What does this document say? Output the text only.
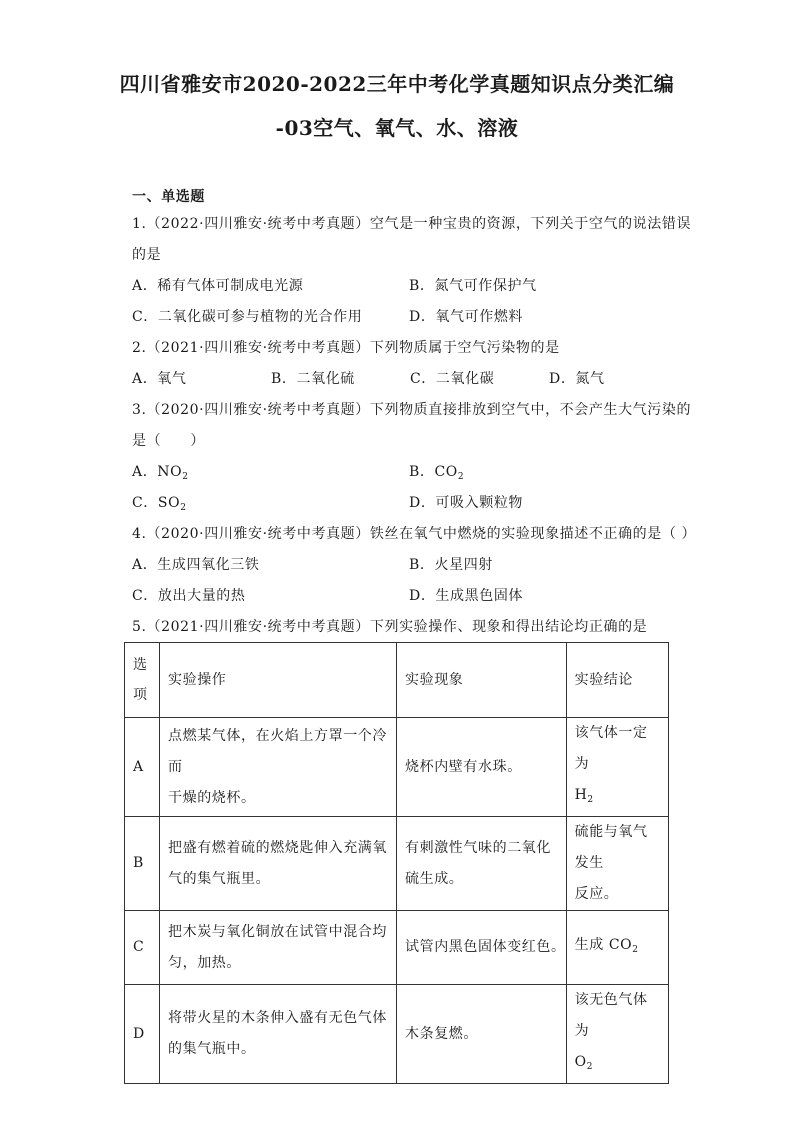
四川省雅安市2020-2022三年中考化学真题知识点分类汇编
-03空气、氧气、水、溶液
一、单选题
1.（2022·四川雅安·统考中考真题）空气是一种宝贵的资源，下列关于空气的说法错误
的是
A．稀有气体可制成电光源	B．氮气可作保护气
C．二氧化碳可参与植物的光合作用	D．氧气可作燃料
2.（2021·四川雅安·统考中考真题）下列物质属于空气污染物的是
A．氧气	B．二氧化硫	C．二氧化碳	D．氮气
3.（2020·四川雅安·统考中考真题）下列物质直接排放到空气中，不会产生大气污染的
是（　　）
A．$NO_2$	B．$CO_2$
C．$SO_2$	D．可吸入颗粒物
4.（2020·四川雅安·统考中考真题）铁丝在氧气中燃烧的实验现象描述不正确的是（ ）
A．生成四氧化三铁	B．火星四射
C．放出大量的热	D．生成黑色固体
5.（2021·四川雅安·统考中考真题）下列实验操作、现象和得出结论均正确的是
选项	实验操作	实验现象	实验结论
A	点燃某气体，在火焰上方罩一个冷而
干燥的烧杯。	烧杯内壁有水珠。	该气体一定为
$H_2$
B	把盛有燃着硫的燃烧匙伸入充满氧
气的集气瓶里。	有刺激性气味的二氧化
硫生成。	硫能与氧气发生
反应。
C	把木炭与氧化铜放在试管中混合均
匀，加热。	试管内黑色固体变红色。	生成 $CO_2$
D	将带火星的木条伸入盛有无色气体
的集气瓶中。	木条复燃。	该无色气体为
$O_2$
